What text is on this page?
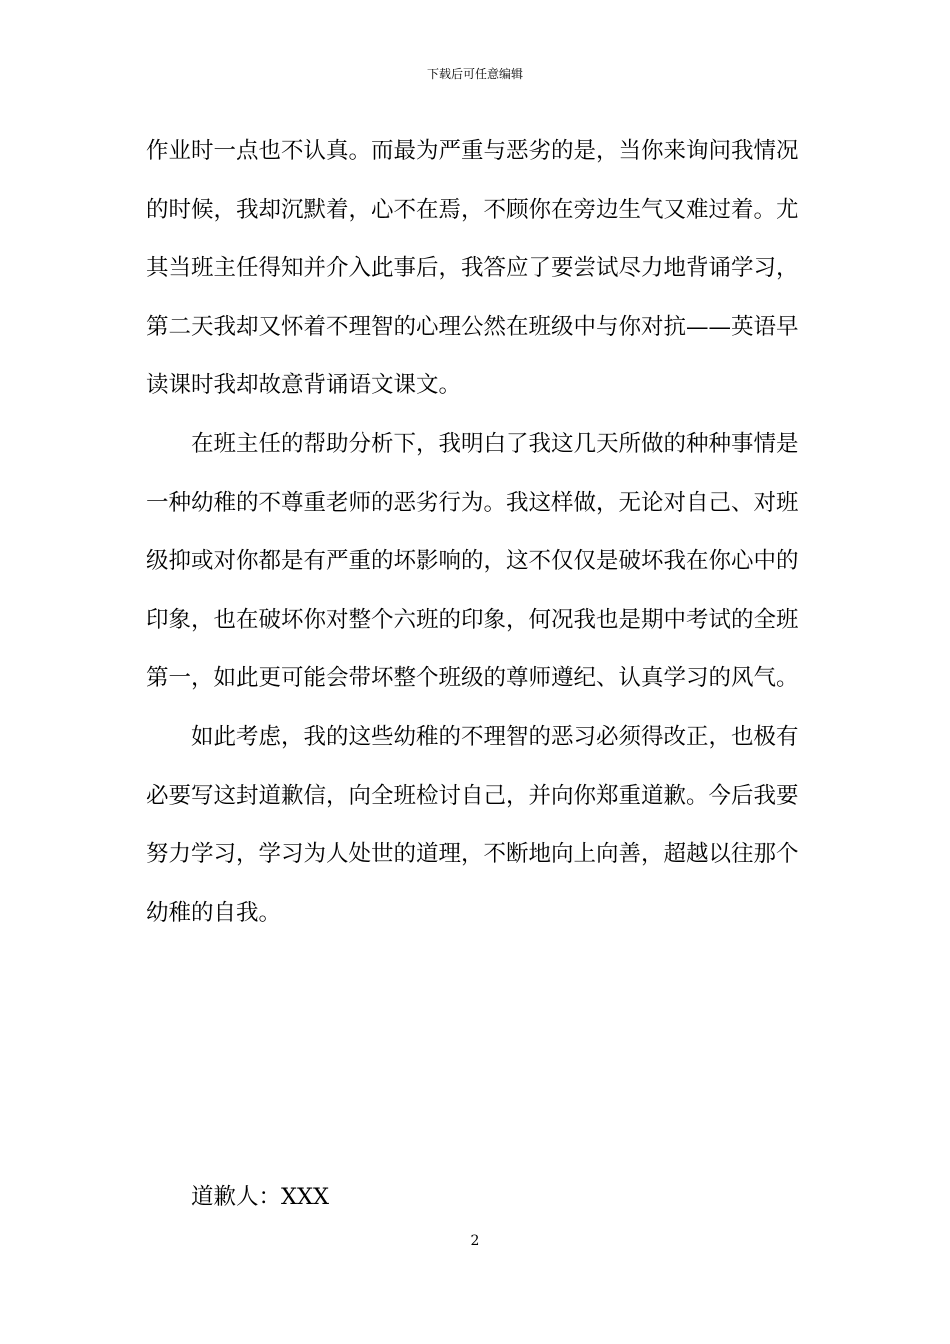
下载后可任意编辑
作业时一点也不认真。而最为严重与恶劣的是，当你来询问我情况
的时候，我却沉默着，心不在焉，不顾你在旁边生气又难过着。尤
其当班主任得知并介入此事后，我答应了要尝试尽力地背诵学习，
第二天我却又怀着不理智的心理公然在班级中与你对抗——英语早
读课时我却故意背诵语文课文。
在班主任的帮助分析下，我明白了我这几天所做的种种事情是
一种幼稚的不尊重老师的恶劣行为。我这样做，无论对自己、对班
级抑或对你都是有严重的坏影响的，这不仅仅是破坏我在你心中的
印象，也在破坏你对整个六班的印象，何况我也是期中考试的全班
第一，如此更可能会带坏整个班级的尊师遵纪、认真学习的风气。
如此考虑，我的这些幼稚的不理智的恶习必须得改正，也极有
必要写这封道歉信，向全班检讨自己，并向你郑重道歉。今后我要
努力学习，学习为人处世的道理，不断地向上向善，超越以往那个
幼稚的自我。
道歉人：XXX
2
